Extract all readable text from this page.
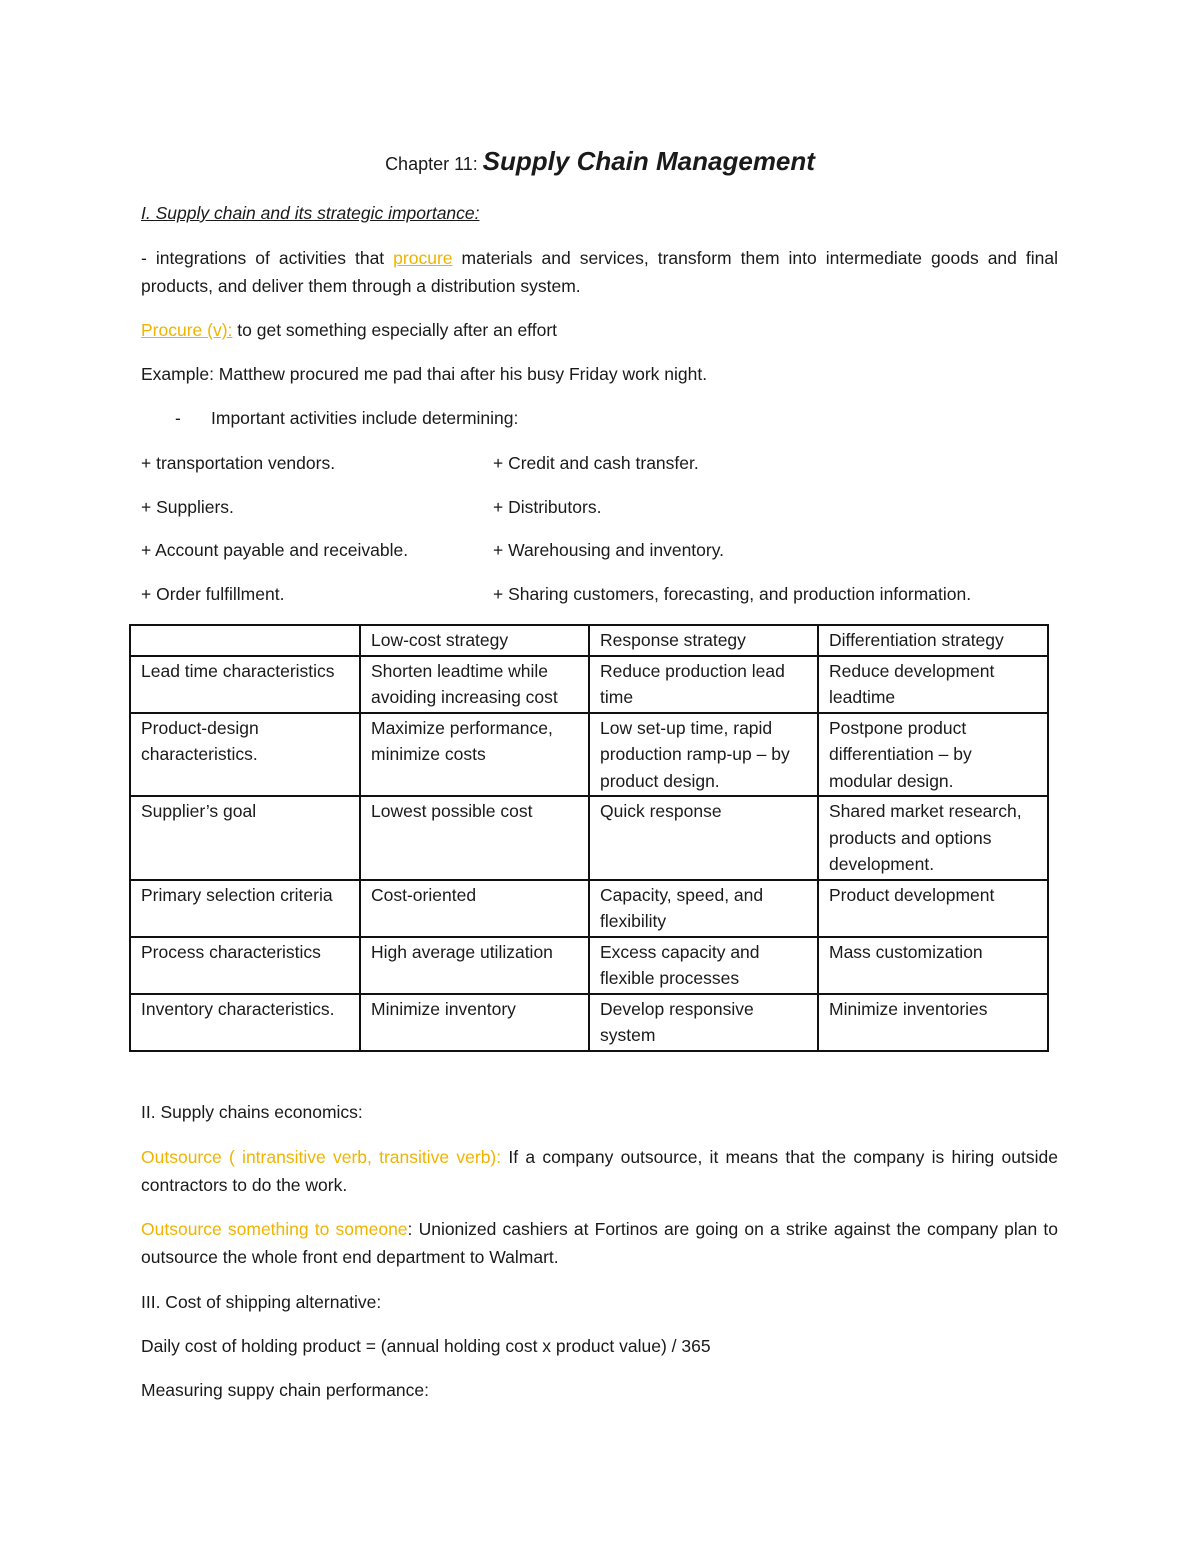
Chapter 11: Supply Chain Management
I. Supply chain and its strategic importance:
- integrations of activities that procure materials and services, transform them into intermediate goods and final products, and deliver them through a distribution system.
Procure (v): to get something especially after an effort
Example: Matthew procured me pad thai after his busy Friday work night.
- Important activities include determining:
+ transportation vendors.	+ Credit and cash transfer.
+ Suppliers.	+ Distributors.
+ Account payable and receivable.	+ Warehousing and inventory.
+ Order fulfillment.	+ Sharing customers, forecasting, and production information.
	Low-cost strategy	Response strategy	Differentiation strategy
Lead time characteristics	Shorten leadtime while avoiding increasing cost	Reduce production lead time	Reduce development leadtime
Product-design characteristics.	Maximize performance, minimize costs	Low set-up time, rapid production ramp-up – by product design.	Postpone product differentiation – by modular design.
Supplier’s goal	Lowest possible cost	Quick response	Shared market research, products and options development.
Primary selection criteria	Cost-oriented	Capacity, speed, and flexibility	Product development
Process characteristics	High average utilization	Excess capacity and flexible processes	Mass customization
Inventory characteristics.	Minimize inventory	Develop responsive system	Minimize inventories
II. Supply chains economics:
Outsource ( intransitive verb, transitive verb): If a company outsource, it means that the company is hiring outside contractors to do the work.
Outsource something to someone: Unionized cashiers at Fortinos are going on a strike against the company plan to outsource the whole front end department to Walmart.
III. Cost of shipping alternative:
Daily cost of holding product = (annual holding cost x product value) / 365
Measuring suppy chain performance:
